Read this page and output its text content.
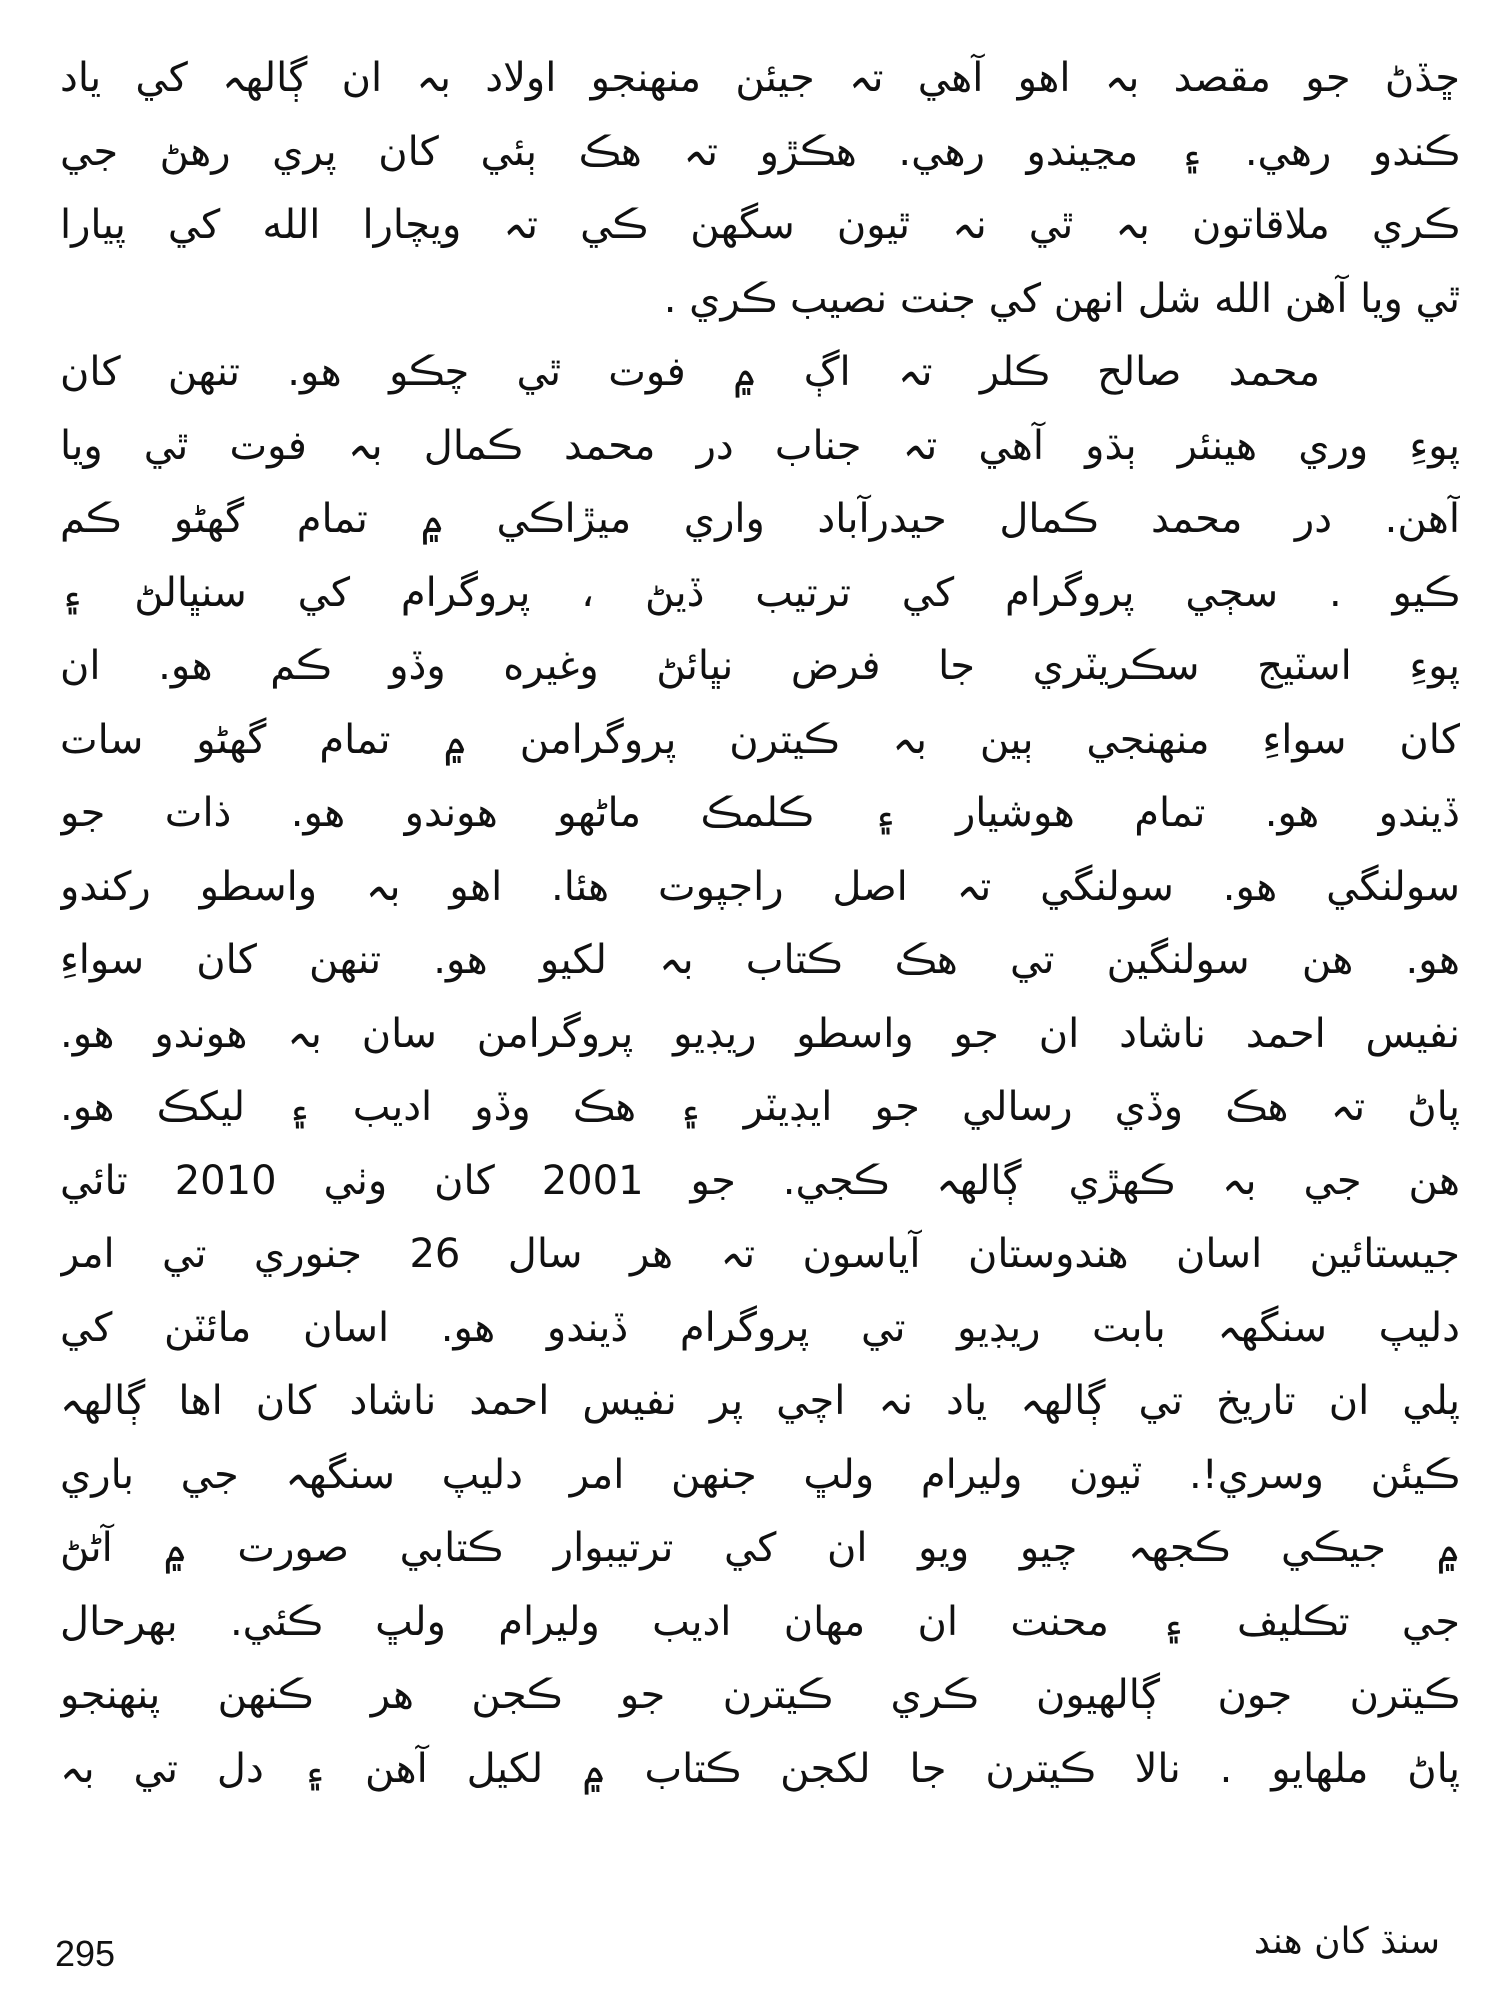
ڇڏڻ جو مقصد بہ اهو آهي تہ جيئن منهنجو اولاد بہ ان ڳالهہ کي ياد
ڪندو رهي. ۽ مڃيندو رهي. هڪڙو تہ هڪ ٻئي کان پري رهڻ جي
ڪري ملاقاتون بہ ٿي نہ ٿيون سگهن ڪي تہ ويچارا الله کي پيارا
ٿي ويا آهن الله شل انهن کي جنت نصيب ڪري .
محمد صالح ڪلر تہ اڳ ۾ فوت ٿي چڪو هو. تنهن کان
پوءِ وري هينئر ٻڌو آهي تہ جناب در محمد ڪمال بہ فوت ٿي ويا
آهن. در محمد ڪمال حيدرآباد واري ميڙاڪي ۾ تمام گهڻو ڪم
ڪيو . سڄي پروگرام کي ترتيب ڏيڻ ، پروگرام کي سنڀالڻ ۽
پوءِ اسٽيج سڪريٽري جا فرض نڀائڻ وغيره وڏو ڪم هو. ان
کان سواءِ منهنجي ٻين بہ ڪيترن پروگرامن ۾ تمام گهڻو سات
ڏيندو هو. تمام هوشيار ۽ ڪلمڪ ماڻهو هوندو هو. ذات جو
سولنگي هو. سولنگي تہ اصل راجپوت هئا. اهو بہ واسطو رکندو
هو. هن سولنگين تي هڪ ڪتاب بہ لکيو هو. تنهن کان سواءِ
نفيس احمد ناشاد ان جو واسطو ريڊيو پروگرامن سان بہ هوندو هو.
پاڻ تہ هڪ وڏي رسالي جو ايڊيٽر ۽ هڪ وڏو اديب ۽ ليکڪ هو.
هن جي بہ ڪهڙي ڳالهہ ڪجي. جو 2001 کان وٺي 2010 تائي
جيستائين اسان هندوستان آياسون تہ هر سال 26 جنوري تي امر
دليپ سنگهہ بابت ريڊيو تي پروگرام ڏيندو هو. اسان مائٽن کي
پلي ان تاريخ تي ڳالهہ ياد نہ اچي پر نفيس احمد ناشاد کان اها ڳالهہ
ڪيئن وسري!. ٽيون وليرام ولڀ جنهن امر دليپ سنگهہ جي باري
۾ جيڪي ڪجهہ چيو ويو ان کي ترتيبوار ڪتابي صورت ۾ آڻڻ
جي تڪليف ۽ محنت ان مهان اديب وليرام ولڀ ڪئي. بهرحال
ڪيترن جون ڳالهيون ڪري ڪيترن جو ڪجن هر ڪنهن پنهنجو
پاڻ ملهايو . نالا ڪيترن جا لکجن ڪتاب ۾ لکيل آهن ۽ دل تي بہ
سنڌ کان هند
295
